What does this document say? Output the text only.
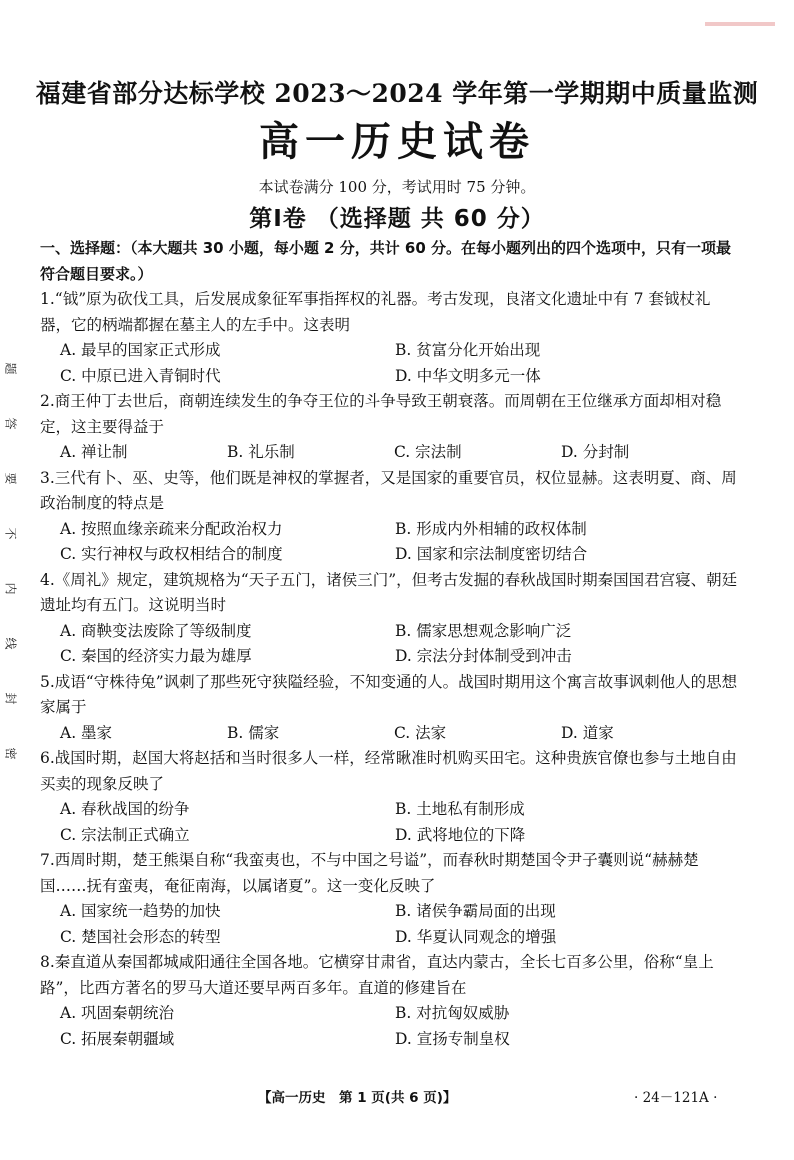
题
答
要
不
内
线
封
密
福建省部分达标学校 2023～2024 学年第一学期期中质量监测
高一历史试卷
本试卷满分 100 分，考试用时 75 分钟。
第Ⅰ卷 （选择题 共 60 分）
一、选择题：（本大题共 30 小题，每小题 2 分，共计 60 分。在每小题列出的四个选项中，只有一项最符合题目要求。）

1.“钺”原为砍伐工具，后发展成象征军事指挥权的礼器。考古发现，良渚文化遗址中有 7 套钺杖礼器，它的柄端都握在墓主人的左手中。这表明

A. 最早的国家正式形成	B. 贫富分化开始出现
C. 中原已进入青铜时代	D. 中华文明多元一体

2.商王仲丁去世后，商朝连续发生的争夺王位的斗争导致王朝衰落。而周朝在王位继承方面却相对稳定，这主要得益于

A. 禅让制	B. 礼乐制	C. 宗法制	D. 分封制

3.三代有卜、巫、史等，他们既是神权的掌握者，又是国家的重要官员，权位显赫。这表明夏、商、周政治制度的特点是

A. 按照血缘亲疏来分配政治权力	B. 形成内外相辅的政权体制
C. 实行神权与政权相结合的制度	D. 国家和宗法制度密切结合

4.《周礼》规定，建筑规格为“天子五门，诸侯三门”，但考古发掘的春秋战国时期秦国国君宫寝、朝廷遗址均有五门。这说明当时

A. 商鞅变法废除了等级制度	B. 儒家思想观念影响广泛
C. 秦国的经济实力最为雄厚	D. 宗法分封体制受到冲击

5.成语“守株待兔”讽刺了那些死守狭隘经验，不知变通的人。战国时期用这个寓言故事讽刺他人的思想家属于

A. 墨家	B. 儒家	C. 法家	D. 道家

6.战国时期，赵国大将赵括和当时很多人一样，经常瞅准时机购买田宅。这种贵族官僚也参与土地自由买卖的现象反映了

A. 春秋战国的纷争	B. 土地私有制形成
C. 宗法制正式确立	D. 武将地位的下降

7.西周时期，楚王熊渠自称“我蛮夷也，不与中国之号谥”，而春秋时期楚国令尹子囊则说“赫赫楚国……抚有蛮夷，奄征南海，以属诸夏”。这一变化反映了

A. 国家统一趋势的加快	B. 诸侯争霸局面的出现
C. 楚国社会形态的转型	D. 华夏认同观念的增强

8.秦直道从秦国都城咸阳通往全国各地。它横穿甘肃省，直达内蒙古，全长七百多公里，俗称“皇上路”，比西方著名的罗马大道还要早两百多年。直道的修建旨在

A. 巩固秦朝统治	B. 对抗匈奴威胁
C. 拓展秦朝疆域	D. 宣扬专制皇权
【高一历史　第 1 页(共 6 页)】	· 24－121A ·
